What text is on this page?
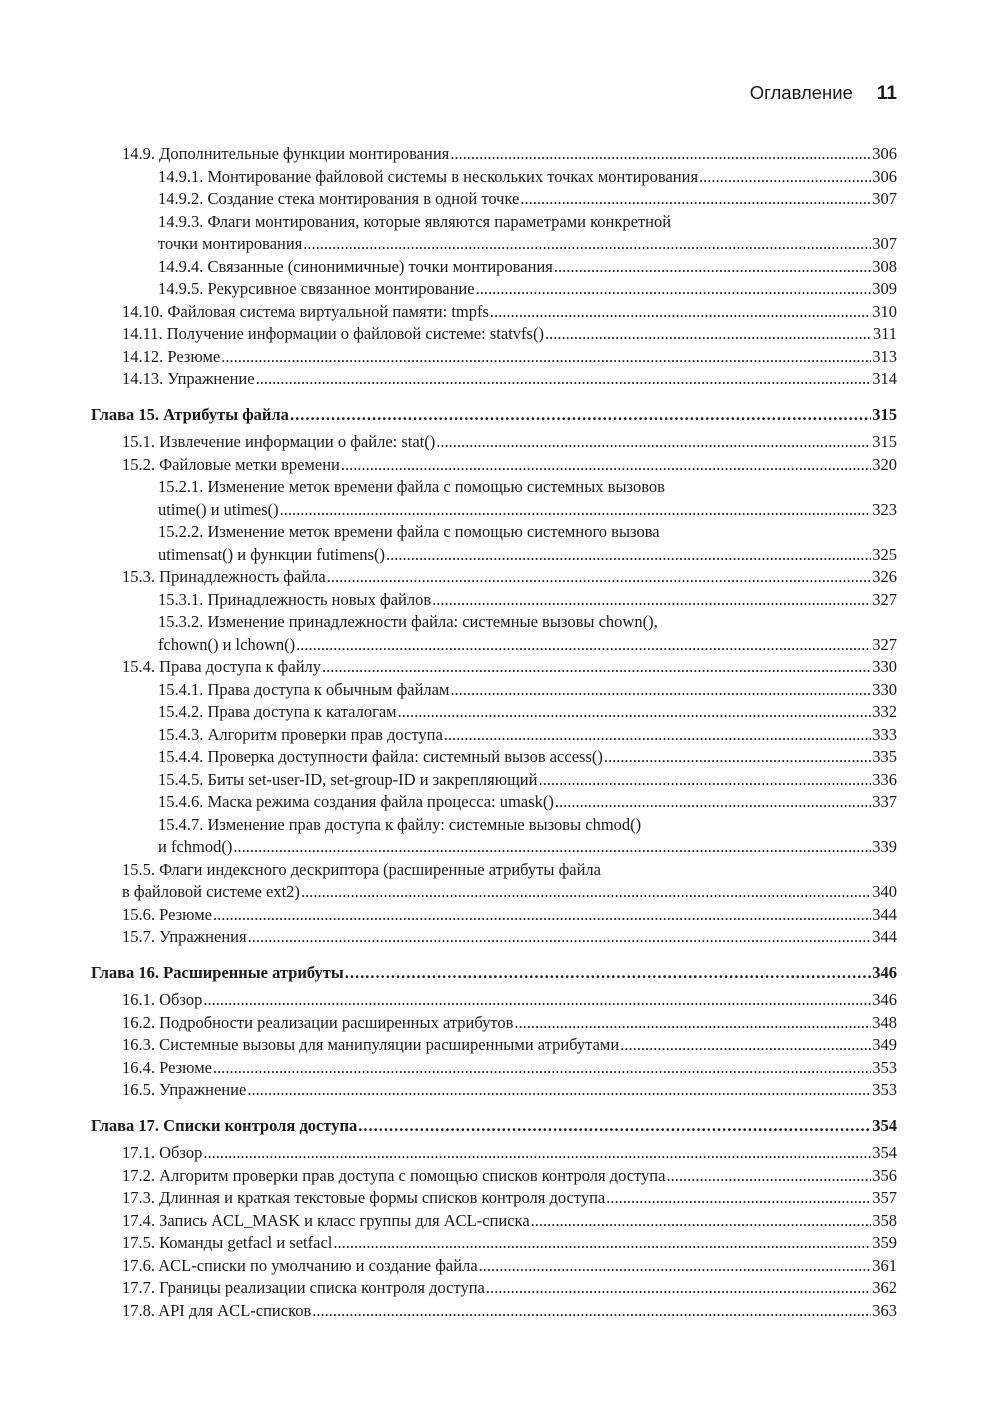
Оглавление 11
14.9. Дополнительные функции монтирования .....	306
14.9.1. Монтирование файловой системы в нескольких точках монтирования .....	306
14.9.2. Создание стека монтирования в одной точке .....	307
14.9.3. Флаги монтирования, которые являются параметрами конкретной
точки монтирования .....	307
14.9.4. Связанные (синонимичные) точки монтирования .....	308
14.9.5. Рекурсивное связанное монтирование .....	309
14.10. Файловая система виртуальной памяти: tmpfs .....	310
14.11. Получение информации о файловой системе: statvfs() .....	311
14.12. Резюме .....	313
14.13. Упражнение .....	314
Глава 15. Атрибуты файла .....	315
15.1. Извлечение информации о файле: stat() .....	315
15.2. Файловые метки времени .....	320
15.2.1. Изменение меток времени файла с помощью системных вызовов
utime() и utimes() .....	323
15.2.2. Изменение меток времени файла с помощью системного вызова
utimensat() и функции futimens() .....	325
15.3. Принадлежность файла .....	326
15.3.1. Принадлежность новых файлов .....	327
15.3.2. Изменение принадлежности файла: системные вызовы chown(),
fchown() и lchown() .....	327
15.4. Права доступа к файлу .....	330
15.4.1. Права доступа к обычным файлам .....	330
15.4.2. Права доступа к каталогам .....	332
15.4.3. Алгоритм проверки прав доступа .....	333
15.4.4. Проверка доступности файла: системный вызов access() .....	335
15.4.5. Биты set-user-ID, set-group-ID и закрепляющий .....	336
15.4.6. Маска режима создания файла процесса: umask() .....	337
15.4.7. Изменение прав доступа к файлу: системные вызовы chmod()
и fchmod() .....	339
15.5. Флаги индексного дескриптора (расширенные атрибуты файла
в файловой системе ext2) .....	340
15.6. Резюме .....	344
15.7. Упражнения .....	344
Глава 16. Расширенные атрибуты .....	346
16.1. Обзор .....	346
16.2. Подробности реализации расширенных атрибутов .....	348
16.3. Системные вызовы для манипуляции расширенными атрибутами .....	349
16.4. Резюме .....	353
16.5. Упражнение .....	353
Глава 17. Списки контроля доступа .....	354
17.1. Обзор .....	354
17.2. Алгоритм проверки прав доступа с помощью списков контроля доступа .....	356
17.3. Длинная и краткая текстовые формы списков контроля доступа .....	357
17.4. Запись ACL_MASK и класс группы для ACL-списка .....	358
17.5. Команды getfacl и setfacl .....	359
17.6. ACL-списки по умолчанию и создание файла .....	361
17.7. Границы реализации списка контроля доступа .....	362
17.8. API для ACL-списков .....	363
